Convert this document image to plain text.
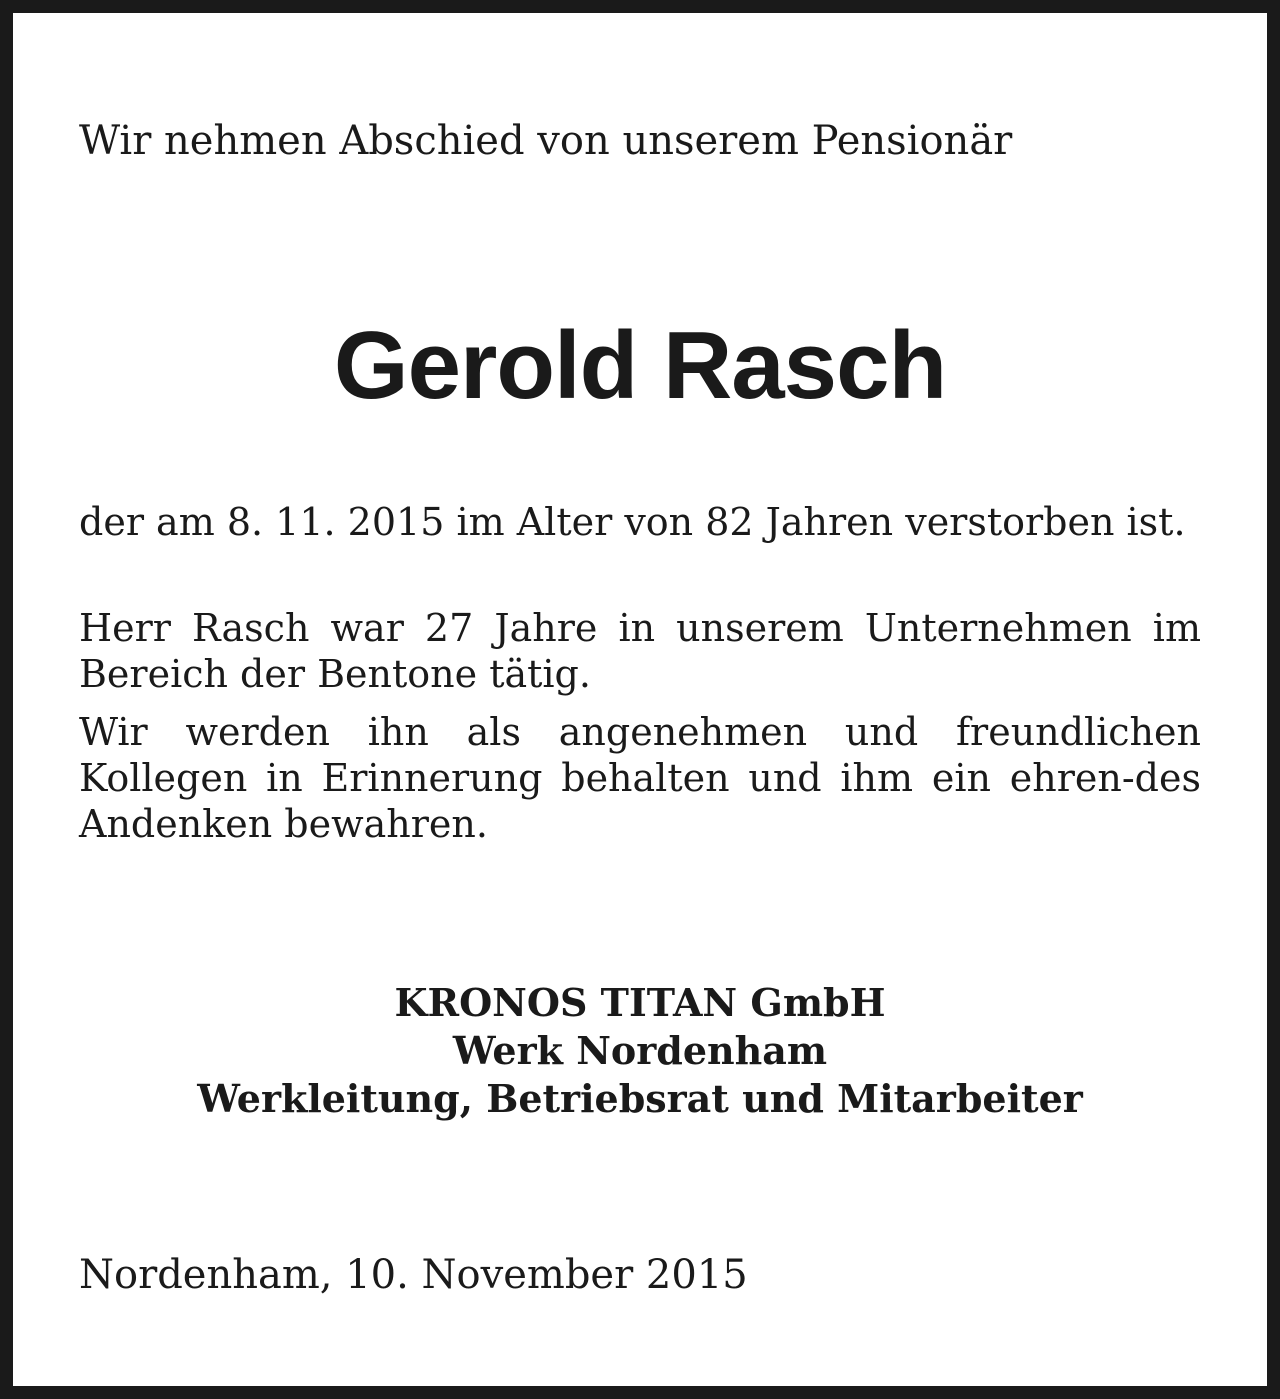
Wir nehmen Abschied von unserem Pensionär

Gerold Rasch

der am 8. 11. 2015 im Alter von 82 Jahren verstorben ist.

Herr Rasch war 27 Jahre in unserem Unternehmen im Bereich der Bentone tätig.

Wir werden ihn als angenehmen und freundlichen Kollegen in Erinnerung behalten und ihm ein ehren-des Andenken bewahren.

KRONOS TITAN GmbH
Werk Nordenham
Werkleitung, Betriebsrat und Mitarbeiter

Nordenham, 10. November 2015
